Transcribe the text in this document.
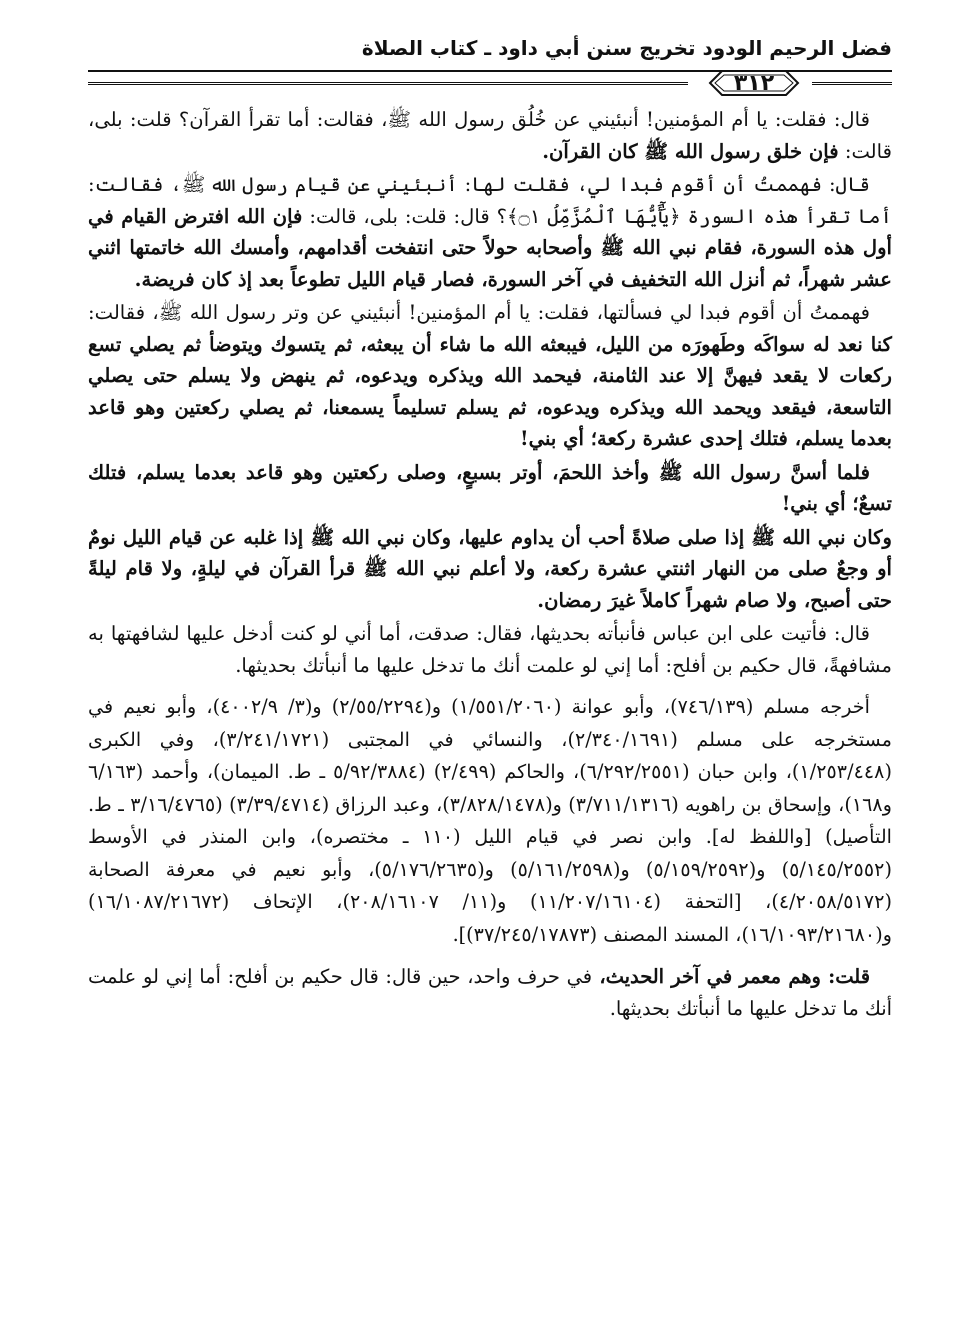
فضل الرحيم الودود تخريج سنن أبي داود ـ كتاب الصلاة
٣١٢

قال: فقلت: يا أم المؤمنين! أنبئيني عن خُلُق رسول الله ﷺ، فقالت: أما تقرأ القرآن؟ قلت: بلى، قالت: فإن خلق رسول الله ﷺ كان القرآن.

قال: فهممتُ أن أقوم فبدا لي، فقلت لها: أنبئيني عن قيام رسول الله ﷺ، فقالت: أما تقرأ هذه السورة ﴿يَٰٓأَيُّهَا ٱلْمُزَّمِّلُ ۝١﴾؟ قال: قلت: بلى، قالت: فإن الله افترض القيام في أول هذه السورة، فقام نبي الله ﷺ وأصحابه حولاً حتى انتفخت أقدامهم، وأمسك الله خاتمتها اثني عشر شهراً، ثم أنزل الله التخفيف في آخر السورة، فصار قيام الليل تطوعاً بعد إذ كان فريضة.

فهممتُ أن أقوم فبدا لي فسألتها، فقلت: يا أم المؤمنين! أنبئيني عن وتر رسول الله ﷺ، فقالت: كنا نعد له سواكَه وطَهورَه من الليل، فيبعثه الله ما شاء أن يبعثه، ثم يتسوك ويتوضأ ثم يصلي تسع ركعات لا يقعد فيهنَّ إلا عند الثامنة، فيحمد الله ويذكره ويدعوه، ثم ينهض ولا يسلم حتى يصلي التاسعة، فيقعد ويحمد الله ويذكره ويدعوه، ثم يسلم تسليماً يسمعنا، ثم يصلي ركعتين وهو قاعد بعدما يسلم، فتلك إحدى عشرة ركعة؛ أي بني!

فلما أسنَّ رسول الله ﷺ وأخذ اللحمَ، أوتر بسبعٍ، وصلى ركعتين وهو قاعد بعدما يسلم، فتلك تسعٌ؛ أي بني!

وكان نبي الله ﷺ إذا صلى صلاةً أحب أن يداوم عليها، وكان نبي الله ﷺ إذا غلبه عن قيام الليل نومٌ أو وجعٌ صلى من النهار اثنتي عشرة ركعة، ولا أعلم نبي الله ﷺ قرأ القرآن في ليلةٍ، ولا قام ليلةً حتى أصبح، ولا صام شهراً كاملاً غيرَ رمضان.

قال: فأتيت على ابن عباس فأنبأته بحديثها، فقال: صدقت، أما أني لو كنت أدخل عليها لشافهتها به مشافهةً، قال حكيم بن أفلح: أما إني لو علمت أنك ما تدخل عليها ما أنبأتك بحديثها.

أخرجه مسلم (٧٤٦/١٣٩)، وأبو عوانة (١/٥٥١/٢٠٦٠) و(٢/٥٥/٢٢٩٤) و(٣/ ٤٠٠٢/٩)، وأبو نعيم في مستخرجه على مسلم (٢/٣٤٠/١٦٩١)، والنسائي في المجتبى (٣/٢٤١/١٧٢١)، وفي الكبرى (١/٢٥٣/٤٤٨)، وابن حبان (٦/٢٩٢/٢٥٥١)، والحاكم (٢/٤٩٩) (٥/٩٢/٣٨٨٤ ـ ط. الميمان)، وأحمد (٦/١٦٣ و١٦٨)، وإسحاق بن راهويه (٣/٧١١/١٣١٦) و(٣/٨٢٨/١٤٧٨)، وعبد الرزاق (٣/٣٩/٤٧١٤) (٣/١٦/٤٧٦٥ ـ ط. التأصيل) [واللفظ له]. وابن نصر في قيام الليل (١١٠ ـ مختصره)، وابن المنذر في الأوسط (٥/١٤٥/٢٥٥٢) و(٥/١٥٩/٢٥٩٢) و(٥/١٦١/٢٥٩٨) و(٥/١٧٦/٢٦٣٥)، وأبو نعيم في معرفة الصحابة (٤/٢٠٥٨/٥١٧٢)، [التحفة (١١/٢٠٧/١٦١٠٤) و(١١/ ٢٠٨/١٦١٠٧)، الإتحاف (١٦/١٠٨٧/٢١٦٧٢) و(١٦/١٠٩٣/٢١٦٨٠)، المسند المصنف (٣٧/٢٤٥/١٧٨٧٣)].

قلت: وهم معمر في آخر الحديث، في حرف واحد، حين قال: قال حكيم بن أفلح: أما إني لو علمت أنك ما تدخل عليها ما أنبأتك بحديثها.
